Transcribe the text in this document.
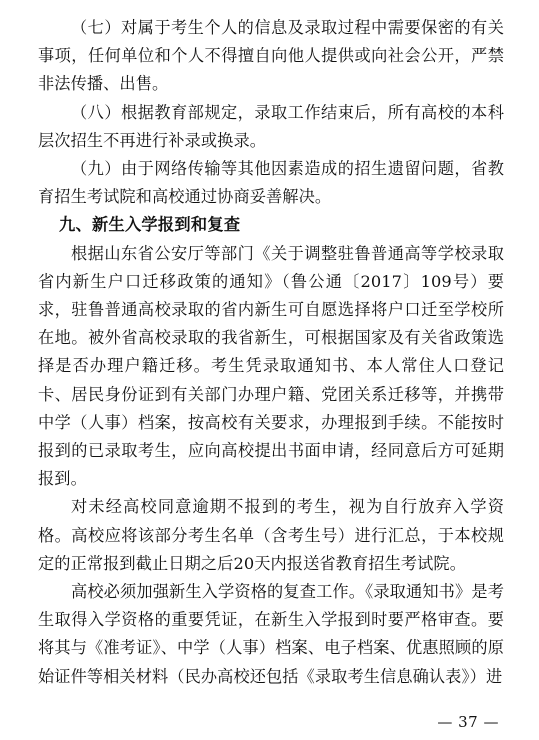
（七）对属于考生个人的信息及录取过程中需要保密的有关事项，任何单位和个人不得擅自向他人提供或向社会公开，严禁非法传播、出售。

（八）根据教育部规定，录取工作结束后，所有高校的本科层次招生不再进行补录或换录。

（九）由于网络传输等其他因素造成的招生遗留问题，省教育招生考试院和高校通过协商妥善解决。

九、新生入学报到和复查

根据山东省公安厅等部门《关于调整驻鲁普通高等学校录取省内新生户口迁移政策的通知》（鲁公通〔2017〕109号）要求，驻鲁普通高校录取的省内新生可自愿选择将户口迁至学校所在地。被外省高校录取的我省新生，可根据国家及有关省政策选择是否办理户籍迁移。考生凭录取通知书、本人常住人口登记卡、居民身份证到有关部门办理户籍、党团关系迁移等，并携带中学（人事）档案，按高校有关要求，办理报到手续。不能按时报到的已录取考生，应向高校提出书面申请，经同意后方可延期报到。

对未经高校同意逾期不报到的考生，视为自行放弃入学资格。高校应将该部分考生名单（含考生号）进行汇总，于本校规定的正常报到截止日期之后20天内报送省教育招生考试院。

高校必须加强新生入学资格的复查工作。《录取通知书》是考生取得入学资格的重要凭证，在新生入学报到时要严格审查。要将其与《准考证》、中学（人事）档案、电子档案、优惠照顾的原始证件等相关材料（民办高校还包括《录取考生信息确认表》）进

— 37 —
